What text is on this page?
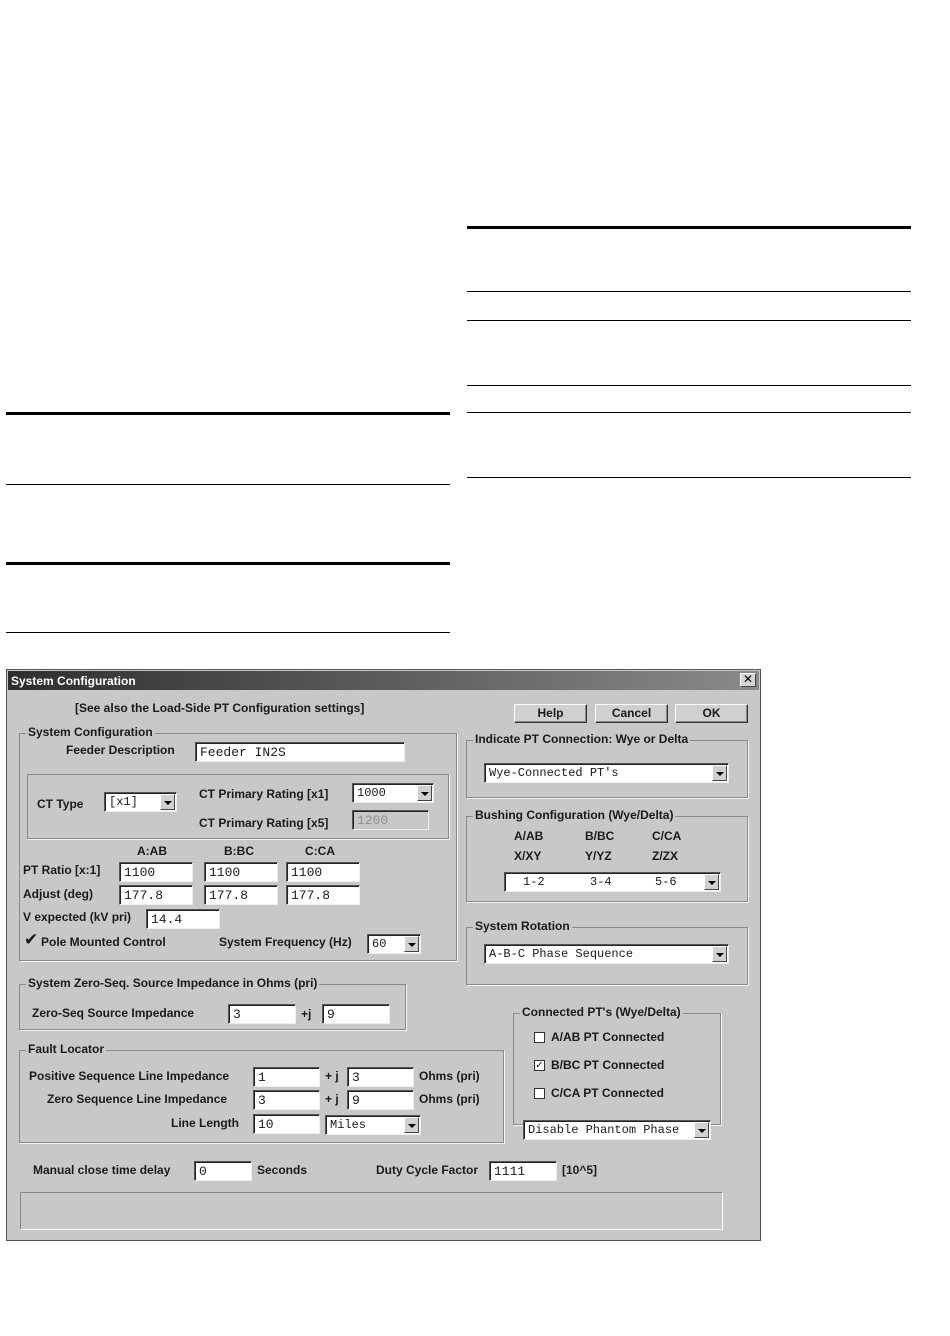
System Configuration	✕
[See also the Load-Side PT Configuration settings]	Help	Cancel	OK
System Configuration
Feeder Description	Feeder IN2S
CT Type [x1]
CT Primary Rating [x1] 1000
CT Primary Rating [x5]	1200
A:AB	B:BC	C:CA
PT Ratio [x:1]	1100	1100	1100
Adjust (deg)	177.8	177.8	177.8
V expected (kV pri)	14.4
✔ Pole Mounted Control	System Frequency (Hz) 60
System Zero-Seq. Source Impedance in Ohms (pri)
Zero-Seq Source Impedance	3	+j	9
Fault Locator
Positive Sequence Line Impedance	1	+ j	3	Ohms (pri)
Zero Sequence Line Impedance	3	+ j	9	Ohms (pri)
Line Length	10	Miles
Indicate PT Connection: Wye or Delta
Wye-Connected PT's
Bushing Configuration (Wye/Delta)
A/AB	B/BC	C/CA
X/XY	Y/YZ	Z/ZX
1-2	3-4	5-6
System Rotation
A-B-C Phase Sequence
Connected PT's (Wye/Delta)
A/AB PT Connected
✓ B/BC PT Connected
C/CA PT Connected
Disable Phantom Phase
Manual close time delay	0	Seconds	Duty Cycle Factor	1111	[10^5]
